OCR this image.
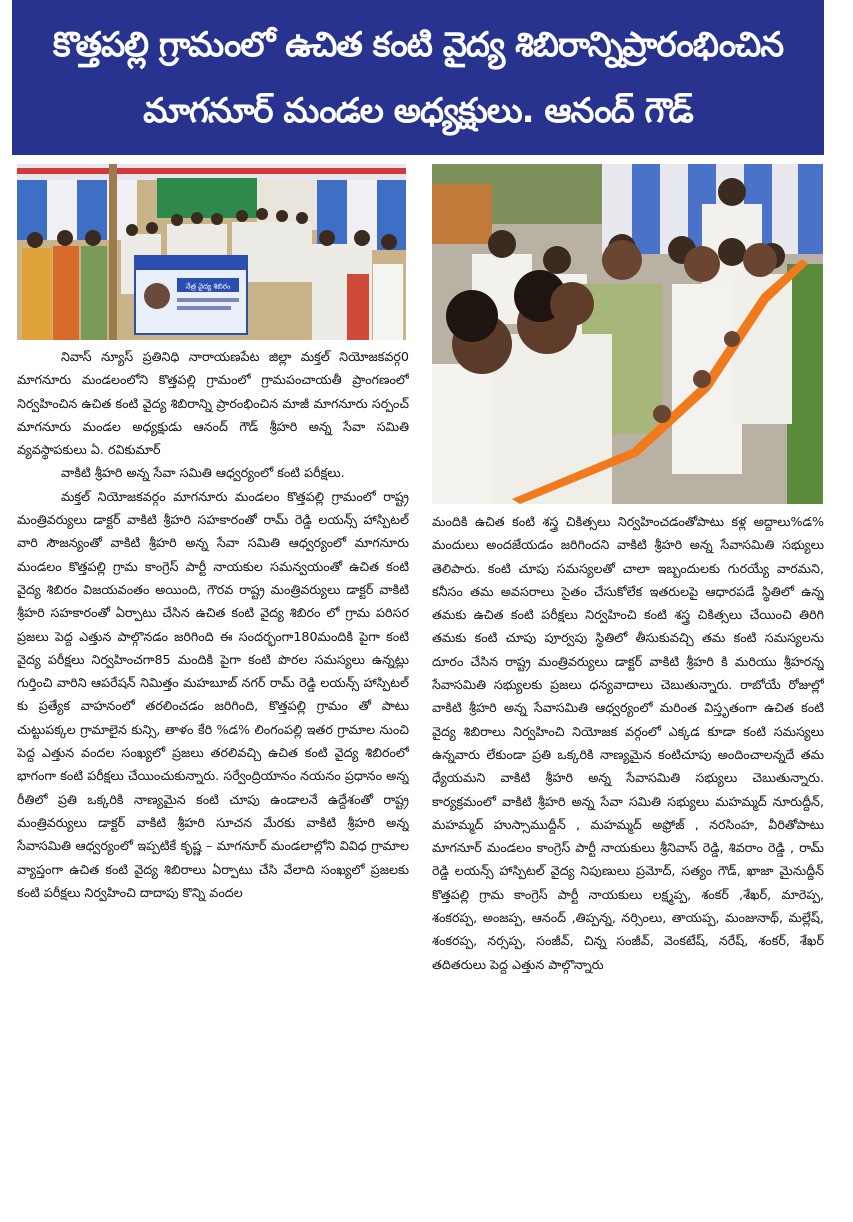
కొత్తపల్లి గ్రామంలో ఉచిత కంటి వైద్య శిబిరాన్నిప్రారంభించిన
మాగనూర్ మండల అధ్యక్షులు. ఆనంద్ గౌడ్
నేత్ర వైద్య శిబిరం

నివాస్ న్యూస్ ప్రతినిధి నారాయణపేట జిల్లా మక్తల్ నియోజకవర్గ0 మాగనూరు మండలంలోని కొత్తపల్లి గ్రామంలో గ్రామపంచాయతీ ప్రాంగణంలో నిర్వహించిన ఉచిత కంటి వైద్య శిబిరాన్ని ప్రారంభించిన మాజీ మాగనూరు సర్పంచ్ మాగనూరు మండల అధ్యక్షుడు ఆనంద్ గౌడ్ శ్రీహరి అన్న సేవా సమితి వ్యవస్థాపకులు ఏ. రవికుమార్

వాకిటి శ్రీహరి అన్న సేవా సమితి ఆధ్వర్యంలో కంటి పరీక్షలు.

మక్తల్ నియోజకవర్గం మాగనూరు మండలం కొత్తపల్లి గ్రామంలో రాష్ట్ర మంత్రివర్యులు డాక్టర్ వాకిటి శ్రీహరి సహకారంతో రామ్ రెడ్డి లయన్స్ హాస్పిటల్ వారి సౌజన్యంతో వాకిటి శ్రీహరి అన్న సేవా సమితి ఆధ్వర్యంలో మాగనూరు మండలం కొత్తపల్లి గ్రామ కాంగ్రెస్ పార్టీ నాయకుల సమన్వయంతో ఉచిత కంటి వైద్య శిబిరం విజయవంతం అయింది, గౌరవ రాష్ట్ర మంత్రివర్యులు డాక్టర్ వాకిటి శ్రీహరి సహకారంతో ఏర్పాటు చేసిన ఉచిత కంటి వైద్య శిబిరం లో గ్రామ పరిసర ప్రజలు పెద్ద ఎత్తున పాల్గొనడం జరిగింది ఈ సందర్భంగా180మందికి పైగా కంటి వైద్య పరీక్షలు నిర్వహించగా85 మందికి పైగా కంటి పొరల సమస్యలు ఉన్నట్లు గుర్తించి వారిని ఆపరేషన్ నిమిత్తం మహబూబ్ నగర్ రామ్ రెడ్డి లయన్స్ హాస్పిటల్ కు ప్రత్యేక వాహనంలో తరలించడం జరిగింది, కొత్తపల్లి గ్రామం తో పాటు చుట్టుపక్కల గ్రామాలైన కున్సి, తాళం కేరి %డ% లింగంపల్లి ఇతర గ్రామాల నుంచి పెద్ద ఎత్తున వందల సంఖ్యలో ప్రజలు తరలివచ్చి ఉచిత కంటి వైద్య శిబిరంలో భాగంగా కంటి పరీక్షలు చేయించుకున్నారు. సర్వేంద్రియానం నయనం ప్రధానం అన్న రీతిలో ప్రతి ఒక్కరికి నాణ్యమైన కంటి చూపు ఉండాలనే ఉద్దేశంతో రాష్ట్ర మంత్రివర్యులు డాక్టర్ వాకిటి శ్రీహరి సూచన మేరకు వాకిటి శ్రీహరి అన్న సేవాసమితి ఆధ్వర్యంలో ఇప్పటికే కృష్ణ – మాగనూర్ మండలాల్లోని వివిధ గ్రామాల వ్యాప్తంగా ఉచిత కంటి వైద్య శిబిరాలు ఏర్పాటు చేసి వేలాది సంఖ్యలో ప్రజలకు కంటి పరీక్షలు నిర్వహించి దాదాపు కొన్ని వందల

మందికి ఉచిత కంటి శస్త్ర చికిత్సలు నిర్వహించడంతోపాటు కళ్ల అద్దాలు%డ% మందులు అందజేయడం జరిగిందని వాకిటి శ్రీహరి అన్న సేవాసమితి సభ్యులు తెలిపారు. కంటి చూపు సమస్యలతో చాలా ఇబ్బందులకు గురయ్యే వారమని, కనీసం తమ అవసరాలు సైతం చేసుకోలేక ఇతరులపై ఆధారపడే స్థితిలో ఉన్న తమకు ఉచిత కంటి పరీక్షలు నిర్వహించి కంటి శస్త్ర చికిత్సలు చేయించి తిరిగి తమకు కంటి చూపు పూర్వపు స్థితిలో తీసుకువచ్చి తమ కంటి సమస్యలను దూరం చేసిన రాష్ట్ర మంత్రివర్యులు డాక్టర్ వాకిటి శ్రీహరి కి మరియు శ్రీహరన్న సేవాసమితి సభ్యులకు ప్రజలు ధన్యవాదాలు చెబుతున్నారు. రాబోయే రోజుల్లో వాకిటి శ్రీహరి అన్న సేవాసమితి ఆధ్వర్యంలో మరింత విస్తృతంగా ఉచిత కంటి వైద్య శిబిరాలు నిర్వహించి నియోజక వర్గంలో ఎక్కడ కూడా కంటి సమస్యలు ఉన్నవారు లేకుండా ప్రతి ఒక్కరికి నాణ్యమైన కంటిచూపు అందించాలన్నదే తమ ధ్యేయమని వాకిటి శ్రీహరి అన్న సేవాసమితి సభ్యులు చెబుతున్నారు. కార్యక్రమంలో వాకిటి శ్రీహరి అన్న సేవా సమితి సభ్యులు మహమ్మద్ నూరుద్దీన్, మహమ్మద్ హుస్సాముద్దీన్ , మహమ్మద్ అఫ్రోజ్ , నరసింహ, వీరితోపాటు మాగనూర్ మండలం కాంగ్రెస్ పార్టీ నాయకులు శ్రీనివాస్ రెడ్డి, శివరాం రెడ్డి , రామ్ రెడ్డి లయన్స్ హాస్పిటల్ వైద్య నిపుణులు ప్రమోద్, సత్యం గౌడ్, ఖాజా మైనుద్దీన్ కొత్తపల్లి గ్రామ కాంగ్రెస్ పార్టీ నాయకులు లక్ష్మప్ప, శంకర్ ,శేఖర్, మారెప్ప, శంకరప్ప, అంజప్ప, ఆనంద్ ,తిప్పన్న, నర్సింలు, తాయప్ప, మంజునాథ్, మల్లేష్, శంకరప్ప, నర్సప్ప, సంజీవ్, చిన్న సంజీవ్, వెంకటేష్, నరేష్, శంకర్, శేఖర్ తదితరులు పెద్ద ఎత్తున పాల్గొన్నారు
